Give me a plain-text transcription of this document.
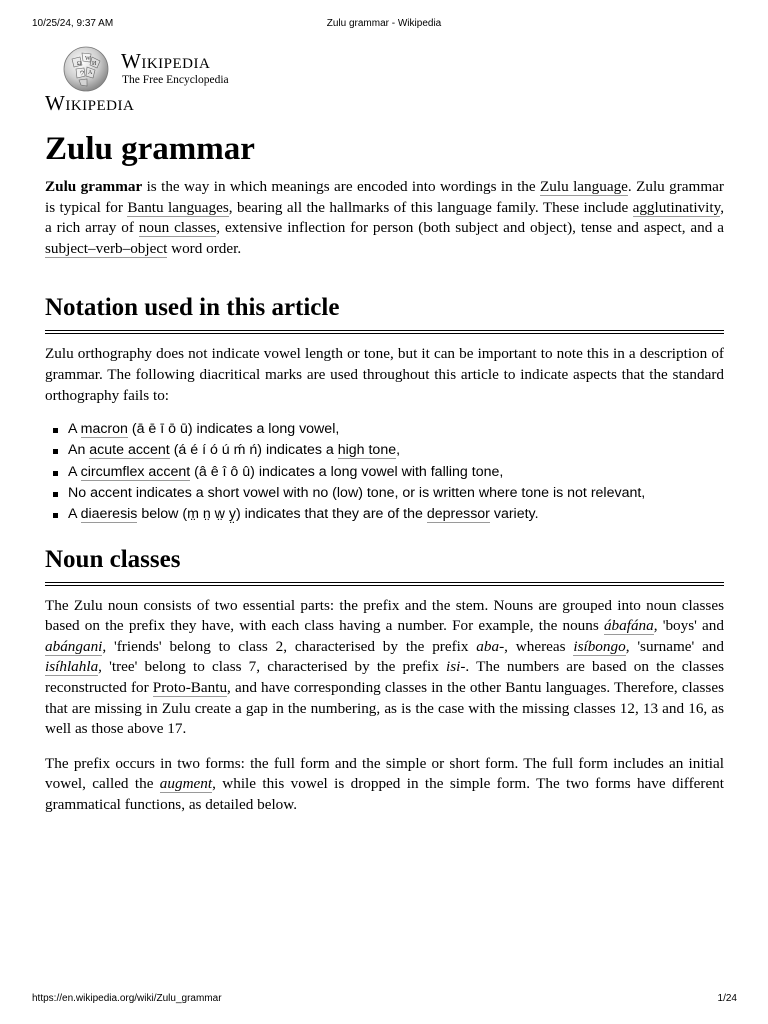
10/25/24, 9:37 AM	Zulu grammar - Wikipedia
Ω
W
И
ウ A Wikipedia
The Free Encyclopedia
Wikipedia
Zulu grammar

Zulu grammar is the way in which meanings are encoded into wordings in the Zulu language. Zulu grammar is typical for Bantu languages, bearing all the hallmarks of this language family. These include agglutinativity, a rich array of noun classes, extensive inflection for person (both subject and object), tense and aspect, and a subject–verb–object word order.

Notation used in this article

Zulu orthography does not indicate vowel length or tone, but it can be important to note this in a description of grammar. The following diacritical marks are used throughout this article to indicate aspects that the standard orthography fails to:

A macron (ā ē ī ō ū) indicates a long vowel,
An acute accent (á é í ó ú ḿ ń) indicates a high tone,
A circumflex accent (â ê î ô û) indicates a long vowel with falling tone,
No accent indicates a short vowel with no (low) tone, or is written where tone is not relevant,
A diaeresis below (m̤ n̤ w̤ y̤) indicates that they are of the depressor variety.
Noun classes

The Zulu noun consists of two essential parts: the prefix and the stem. Nouns are grouped into noun classes based on the prefix they have, with each class having a number. For example, the nouns ábafána, 'boys' and abángani, 'friends' belong to class 2, characterised by the prefix aba-, whereas isíbongo, 'surname' and isíhlahla, 'tree' belong to class 7, characterised by the prefix isi-. The numbers are based on the classes reconstructed for Proto-Bantu, and have corresponding classes in the other Bantu languages. Therefore, classes that are missing in Zulu create a gap in the numbering, as is the case with the missing classes 12, 13 and 16, as well as those above 17.

The prefix occurs in two forms: the full form and the simple or short form. The full form includes an initial vowel, called the augment, while this vowel is dropped in the simple form. The two forms have different grammatical functions, as detailed below.

https://en.wikipedia.org/wiki/Zulu_grammar	1/24
